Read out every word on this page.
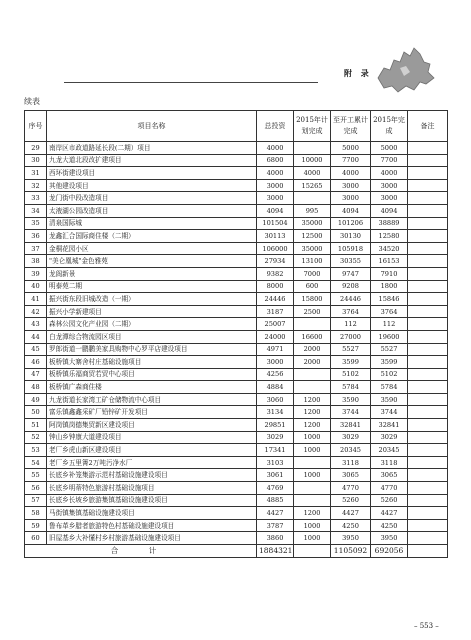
附 录
续表
序号	项目名称	总投资	2015年计划完成	至开工累计完成	2015年完成	备注
29	南岸区市政道路延长段(二期）项目	4000		5000	5000	
30	九龙大道北段改扩建项目	6800	10000	7700	7700	
31	西环街建设项目	4000	4000	4000	4000	
32	其他建设项目	3000	15265	3000	3000	
33	龙门街中段改造项目	3000		3000	3000	
34	太液湖公园改造项目	4094	995	4094	4094	
35	清泉国际城	101504	35000	101206	38889	
36	龙鑫汇合国际商住楼（二期）	30113	12500	30130	12580	
37	金桐花园小区	106000	35000	105918	34520	
38	"美仑凰城"金色雅苑	27934	13100	30355	16153	
39	龙阁新景	9382	7000	9747	7910	
40	明泰苑二期	8000	600	9208	1800	
41	振兴街东段旧城改造（一期）	24446	15800	24446	15846	
42	振兴小学新建项目	3187	2500	3764	3764	
43	森林公园文化产业园（二期）	25007		112	112	
44	白龙潭综合物流园区项目	24000	16600	27000	19600	
45	罗郎街道一鹏鹏美家具购物中心罗平店建设项目	4971	2000	5527	5527	
46	板桥镇大寨舍村庄基础设施项目	3000	2000	3599	3599	
47	板桥镇乐福商贸若贸中心项目	4256		5102	5102	
48	板桥镇广森商住楼	4884		5784	5784	
49	九龙街道长家湾工矿仓储物流中心项目	3060	1200	3590	3590	
50	富乐镇鑫鑫采矿厂铅锌矿开发项目	3134	1200	3744	3744	
51	阿岗镇岗德集贸新区建设项目	29851	1200	32841	32841	
52	钟山乡钟康大道建设项目	3029	1000	3029	3029	
53	老厂乡虎山新区建设项目	17341	1000	20345	20345	
54	老厂乡五里箐2万吨污净水厂	3103		3118	3118	
55	长底乡补笼集游示范村基础设施建设项目	3061	1000	3065	3065	
56	长底乡明蒂特色旅游村基础设施项目	4769		4770	4770	
57	长底乡长坡乡旅游集镇基础设施建设项目	4885		5260	5260	
58	马街镇集镇基础设施建设项目	4427	1200	4427	4427	
59	鲁布革乡腊者旅游特色村基础设施建设项目	3787	1000	4250	4250	
60	旧屋基乡大补懂村乡村旅游基础设施建设项目	3860	1000	3950	3950	
合 计		1884321		1105092	692056	
– 553 –
